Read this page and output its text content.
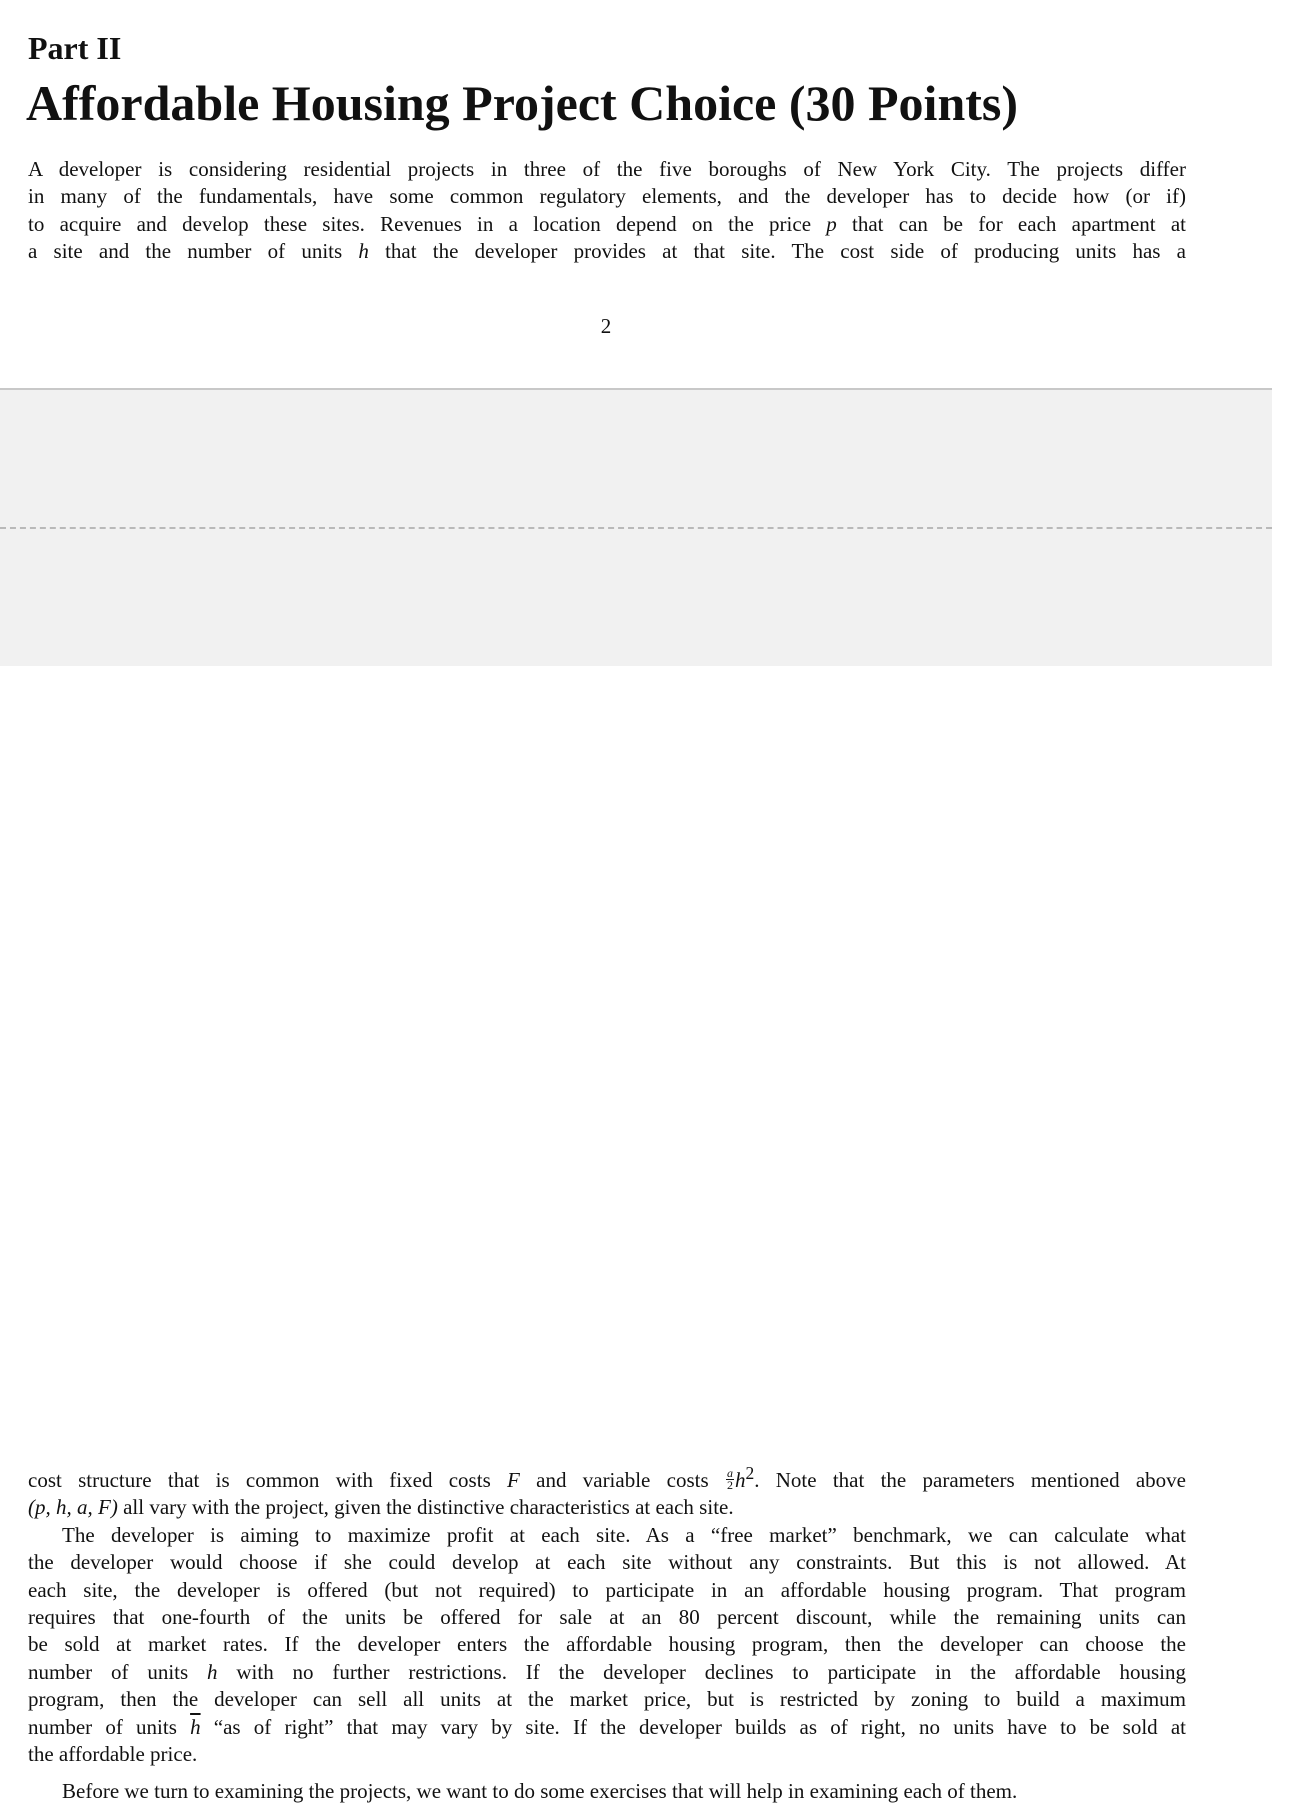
Part II
Affordable Housing Project Choice (30 Points)

A developer is considering residential projects in three of the five boroughs of New York City. The projects differ
in many of the fundamentals, have some common regulatory elements, and the developer has to decide how (or if)
to acquire and develop these sites. Revenues in a location depend on the price p that can be for each apartment at
a site and the number of units h that the developer provides at that site. The cost side of producing units has a

2

cost structure that is common with fixed costs F and variable costs $\frac{a}{2} h^2$. Note that the parameters mentioned above
(p, h, a, F) all vary with the project, given the distinctive characteristics at each site.

The developer is aiming to maximize profit at each site. As a “free market” benchmark, we can calculate what
the developer would choose if she could develop at each site without any constraints. But this is not allowed. At
each site, the developer is offered (but not required) to participate in an affordable housing program. That program
requires that one-fourth of the units be offered for sale at an 80 percent discount, while the remaining units can
be sold at market rates. If the developer enters the affordable housing program, then the developer can choose the
number of units h with no further restrictions. If the developer declines to participate in the affordable housing
program, then the developer can sell all units at the market price, but is restricted by zoning to build a maximum
number of units $\overline{h}$ “as of right” that may vary by site. If the developer builds as of right, no units have to be sold at
the affordable price.

Before we turn to examining the projects, we want to do some exercises that will help in examining each of them.
